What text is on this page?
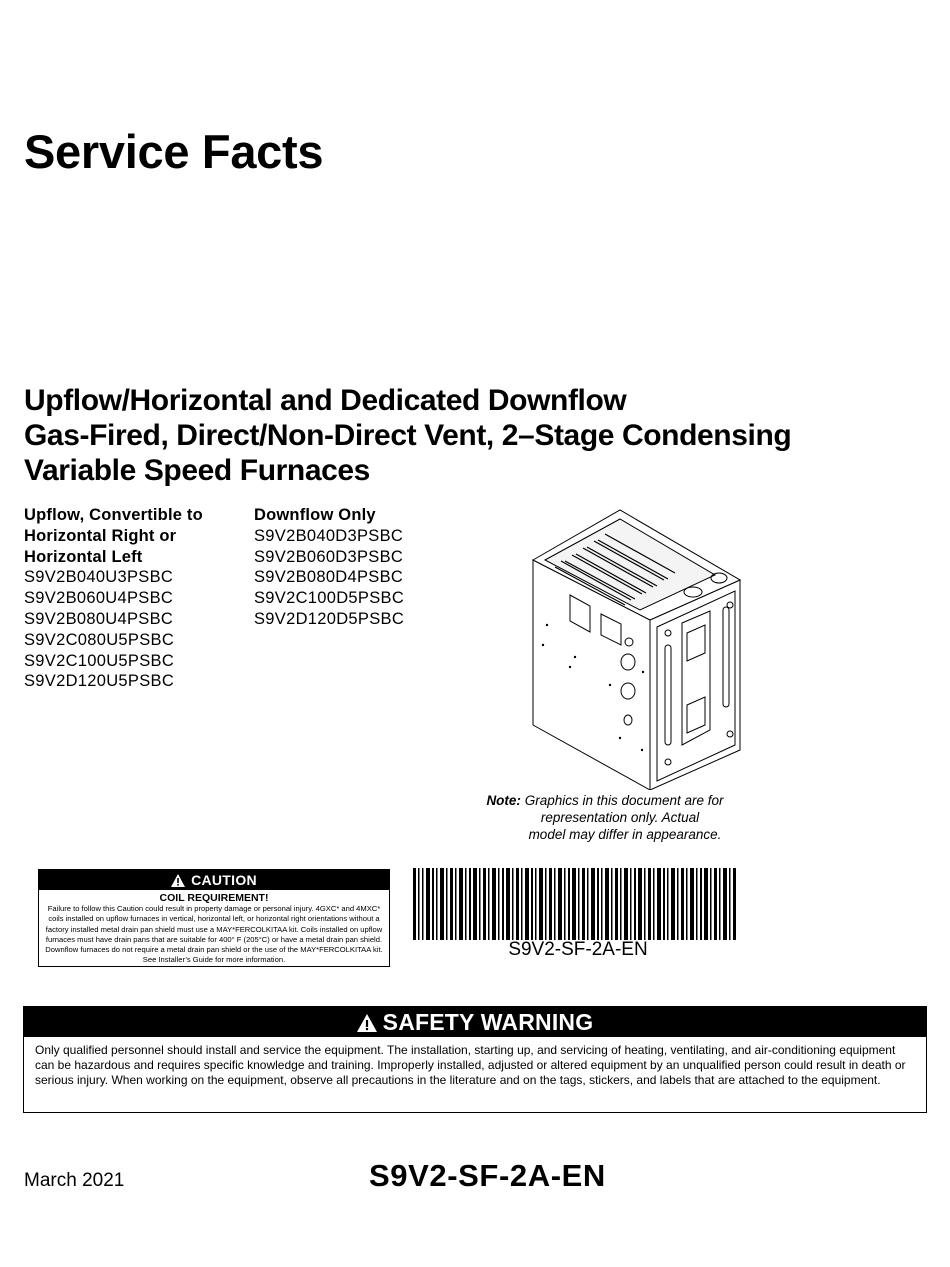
Service Facts
Upflow/Horizontal and Dedicated Downflow
Gas-Fired, Direct/Non-Direct Vent, 2–Stage Condensing
Variable Speed Furnaces
Upflow, Convertible to
Horizontal Right or
Horizontal Left
S9V2B040U3PSBC
S9V2B060U4PSBC
S9V2B080U4PSBC
S9V2C080U5PSBC
S9V2C100U5PSBC
S9V2D120U5PSBC
Downflow Only
S9V2B040D3PSBC
S9V2B060D3PSBC
S9V2B080D4PSBC
S9V2C100D5PSBC
S9V2D120D5PSBC
Note: Graphics in this document are for
representation only. Actual
model may differ in appearance.
CAUTION
COIL REQUIREMENT!
Failure to follow this Caution could result in property damage or personal injury. 4GXC* and 4MXC* coils installed on upflow furnaces in vertical, horizontal left, or horizontal right orientations without a factory installed metal drain pan shield must use a MAY*FERCOLKITAA kit. Coils installed on upflow furnaces must have drain pans that are suitable for 400° F (205°C) or have a metal drain pan shield. Downflow furnaces do not require a metal drain pan shield or the use of the MAY*FERCOLKITAA kit. See Installer’s Guide for more information.	S9V2-SF-2A-EN
SAFETY WARNING
Only qualified personnel should install and service the equipment. The installation, starting up, and servicing of heating, ventilating, and air-conditioning equipment can be hazardous and requires specific knowledge and training. Improperly installed, adjusted or altered equipment by an unqualified person could result in death or serious injury. When working on the equipment, observe all precautions in the literature and on the tags, stickers, and labels that are attached to the equipment.
March 2021	S9V2-SF-2A-EN
